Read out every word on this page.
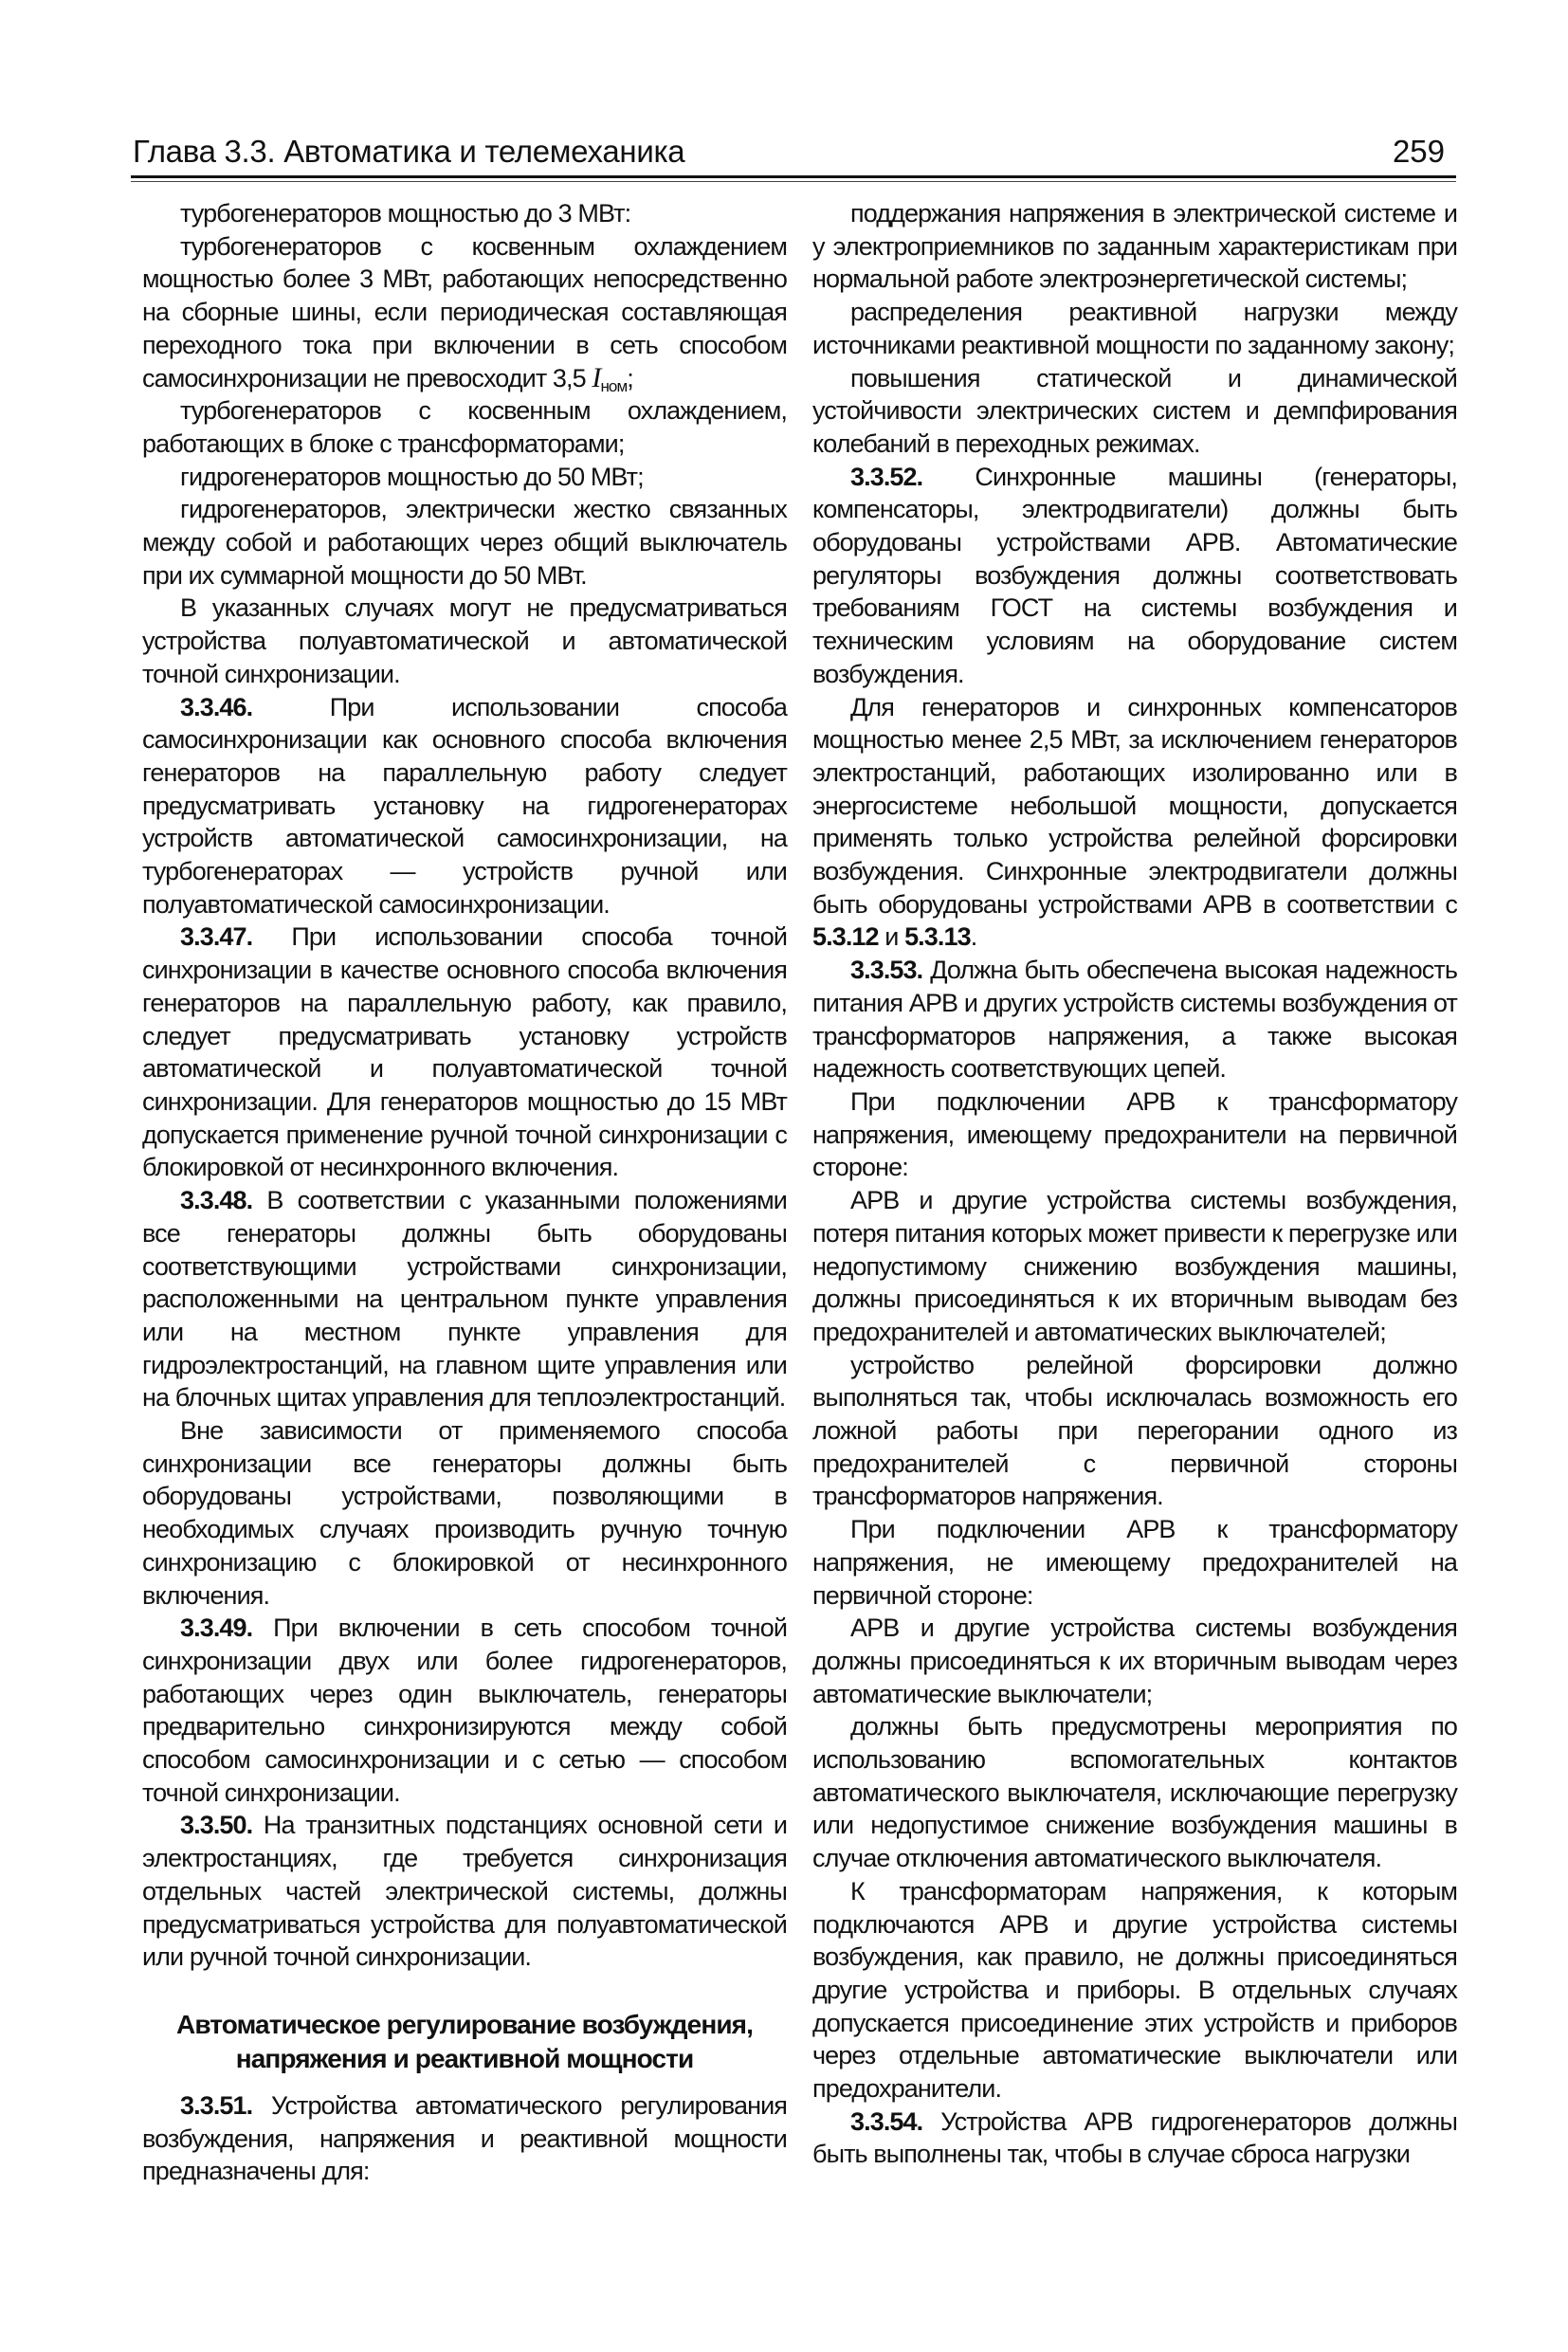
Глава 3.3. Автоматика и телемеханика	259

турбогенераторов мощностью до 3 МВт:

турбогенераторов с косвенным охлаждением мощностью более 3 МВт, работающих непосредственно на сборные шины, если периодическая составляющая переходного тока при включении в сеть способом самосинхронизации не превосходит 3,5 $I_{ном}$;

турбогенераторов с косвенным охлаждением, работающих в блоке с трансформаторами;

гидрогенераторов мощностью до 50 МВт;

гидрогенераторов, электрически жестко связанных между собой и работающих через общий выключатель при их суммарной мощности до 50 МВт.

В указанных случаях могут не предусматриваться устройства полуавтоматической и автоматической точной синхронизации.

3.3.46. При использовании способа самосинхронизации как основного способа включения генераторов на параллельную работу следует предусматривать установку на гидрогенераторах устройств автоматической самосинхронизации, на турбогенераторах — устройств ручной или полуавтоматической самосинхронизации.

3.3.47. При использовании способа точной синхронизации в качестве основного способа включения генераторов на параллельную работу, как правило, следует предусматривать установку устройств автоматической и полуавтоматической точной синхронизации. Для генераторов мощностью до 15 МВт допускается применение ручной точной синхронизации с блокировкой от несинхронного включения.

3.3.48. В соответствии с указанными положениями все генераторы должны быть оборудованы соответствующими устройствами синхронизации, расположенными на центральном пункте управления или на местном пункте управления для гидроэлектростанций, на главном щите управления или на блочных щитах управления для теплоэлектростанций.

Вне зависимости от применяемого способа синхронизации все генераторы должны быть оборудованы устройствами, позволяющими в необходимых случаях производить ручную точную синхронизацию с блокировкой от несинхронного включения.

3.3.49. При включении в сеть способом точной синхронизации двух или более гидрогенераторов, работающих через один выключатель, генераторы предварительно синхронизируются между собой способом самосинхронизации и с сетью — способом точной синхронизации.

3.3.50. На транзитных подстанциях основной сети и электростанциях, где требуется синхронизация отдельных частей электрической системы, должны предусматриваться устройства для полуавтоматической или ручной точной синхронизации.

Автоматическое регулирование возбуждения,
напряжения и реактивной мощности

3.3.51. Устройства автоматического регулирования возбуждения, напряжения и реактивной мощности предназначены для:

поддержания напряжения в электрической системе и у электроприемников по заданным характеристикам при нормальной работе электроэнергетической системы;

распределения реактивной нагрузки между источниками реактивной мощности по заданному закону;

повышения статической и динамической устойчивости электрических систем и демпфирования колебаний в переходных режимах.

3.3.52. Синхронные машины (генераторы, компенсаторы, электродвигатели) должны быть оборудованы устройствами АРВ. Автоматические регуляторы возбуждения должны соответствовать требованиям ГОСТ на системы возбуждения и техническим условиям на оборудование систем возбуждения.

Для генераторов и синхронных компенсаторов мощностью менее 2,5 МВт, за исключением генераторов электростанций, работающих изолированно или в энергосистеме небольшой мощности, допускается применять только устройства релейной форсировки возбуждения. Синхронные электродвигатели должны быть оборудованы устройствами АРВ в соответствии с 5.3.12 и 5.3.13.

3.3.53. Должна быть обеспечена высокая надежность питания АРВ и других устройств системы возбуждения от трансформаторов напряжения, а также высокая надежность соответствующих цепей.

При подключении АРВ к трансформатору напряжения, имеющему предохранители на первичной стороне:

АРВ и другие устройства системы возбуждения, потеря питания которых может привести к перегрузке или недопустимому снижению возбуждения машины, должны присоединяться к их вторичным выводам без предохранителей и автоматических выключателей;

устройство релейной форсировки должно выполняться так, чтобы исключалась возможность его ложной работы при перегорании одного из предохранителей с первичной стороны трансформаторов напряжения.

При подключении АРВ к трансформатору напряжения, не имеющему предохранителей на первичной стороне:

АРВ и другие устройства системы возбуждения должны присоединяться к их вторичным выводам через автоматические выключатели;

должны быть предусмотрены мероприятия по использованию вспомогательных контактов автоматического выключателя, исключающие перегрузку или недопустимое снижение возбуждения машины в случае отключения автоматического выключателя.

К трансформаторам напряжения, к которым подключаются АРВ и другие устройства системы возбуждения, как правило, не должны присоединяться другие устройства и приборы. В отдельных случаях допускается присоединение этих устройств и приборов через отдельные автоматические выключатели или предохранители.

3.3.54. Устройства АРВ гидрогенераторов должны быть выполнены так, чтобы в случае сброса нагрузки
